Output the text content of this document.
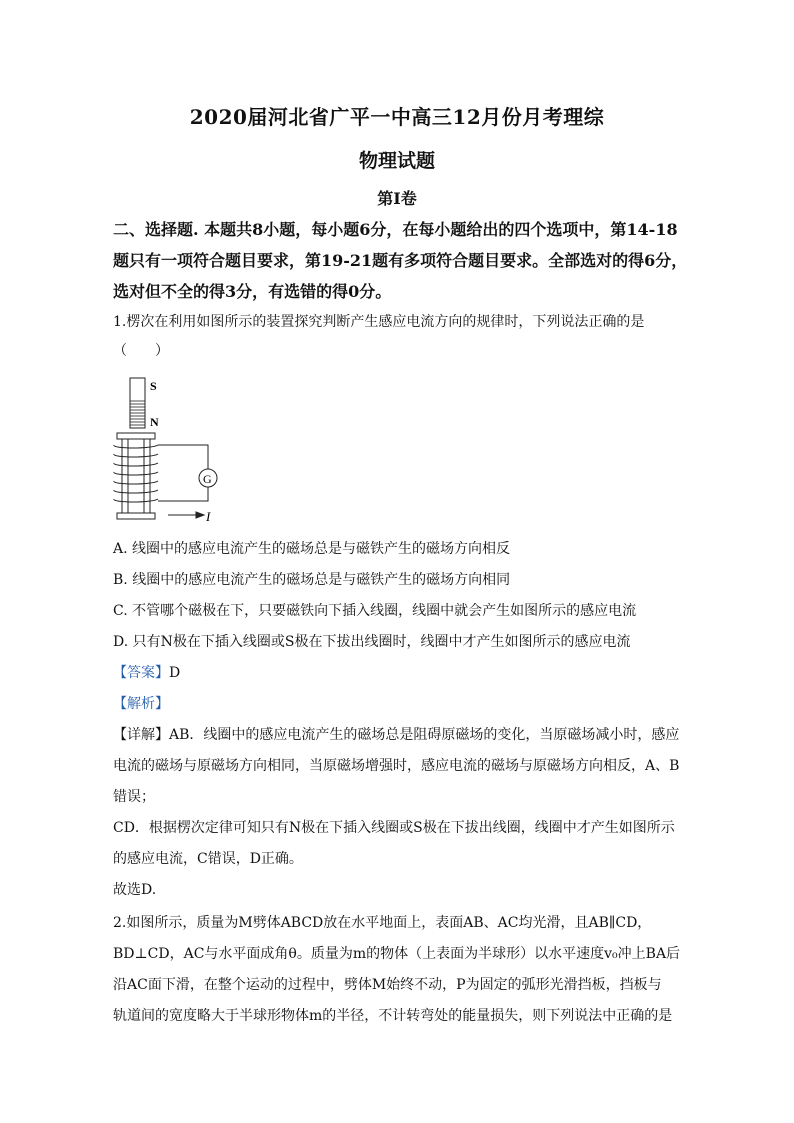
2020届河北省广平一中高三12月份月考理综
物理试题
第Ⅰ卷
二、选择题. 本题共8小题，每小题6分，在每小题给出的四个选项中，第14-18
题只有一项符合题目要求，第19-21题有多项符合题目要求。全部选对的得6分，
选对但不全的得3分，有选错的得0分。
1.楞次在利用如图所示的装置探究判断产生感应电流方向的规律时，下列说法正确的是
（　　）
S
N
G
I
A. 线圈中的感应电流产生的磁场总是与磁铁产生的磁场方向相反
B. 线圈中的感应电流产生的磁场总是与磁铁产生的磁场方向相同
C. 不管哪个磁极在下，只要磁铁向下插入线圈，线圈中就会产生如图所示的感应电流
D. 只有N极在下插入线圈或S极在下拔出线圈时，线圈中才产生如图所示的感应电流
【答案】D
【解析】
【详解】AB．线圈中的感应电流产生的磁场总是阻碍原磁场的变化，当原磁场减小时，感应
电流的磁场与原磁场方向相同，当原磁场增强时，感应电流的磁场与原磁场方向相反，A、B
错误；
CD．根据楞次定律可知只有N极在下插入线圈或S极在下拔出线圈，线圈中才产生如图所示
的感应电流，C错误，D正确。
故选D.
2.如图所示，质量为M劈体ABCD放在水平地面上，表面AB、AC均光滑，且AB∥CD，
BD⊥CD，AC与水平面成角θ。质量为m的物体（上表面为半球形）以水平速度v₀冲上BA后
沿AC面下滑，在整个运动的过程中，劈体M始终不动，P为固定的弧形光滑挡板，挡板与
轨道间的宽度略大于半球形物体m的半径，不计转弯处的能量损失，则下列说法中正确的是
